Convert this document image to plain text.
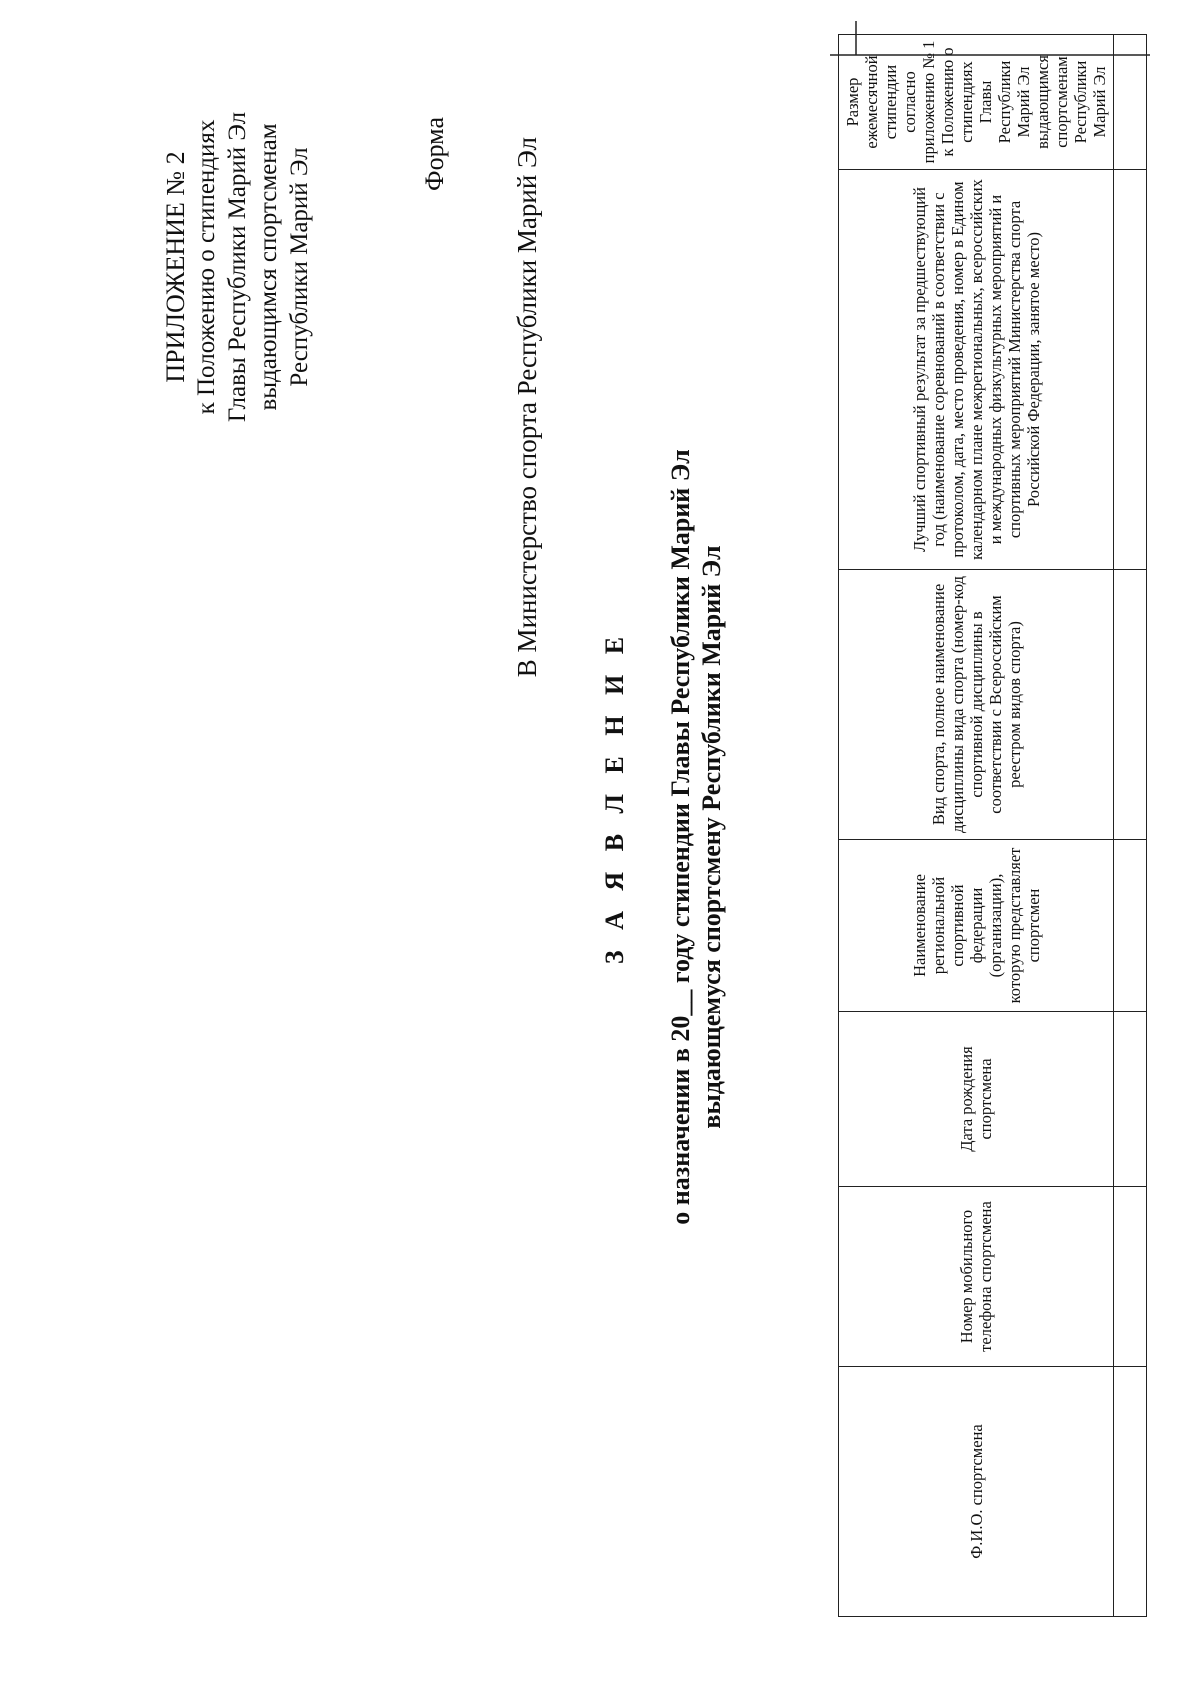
ПРИЛОЖЕНИЕ № 2 к Положению о стипендиях Главы Республики Марий Эл выдающимся спортсменам Республики Марий Эл	Форма В Министерство спорта Республики Марий Эл
З А Я В Л Е Н И Е о назначении в 20__ году стипендии Главы Республики Марий Эл выдающемуся спортсмену Республики Марий Эл
Ф.И.О. спортсмена	Номер мобильного телефона спортсмена	Дата рождения спортсмена	Наименование региональной спортивной федерации (организации), которую представляет спортсмен	Вид спорта, полное наименование дисциплины вида спорта (номер-код спортивной дисциплины в соответствии с Всероссийским реестром видов спорта)	Лучший спортивный результат за предшествующий год (наименование соревнований в соответствии с протоколом, дата, место проведения, номер в Едином календарном плане межрегиональных, всероссийских и международных физкультурных мероприятий и спортивных мероприятий Министерства спорта Российской Федерации, занятое место)	Размер ежемесячной стипендии согласно приложению № 1 к Положению о стипендиях Главы Республики Марий Эл выдающимся спортсменам Республики Марий Эл
